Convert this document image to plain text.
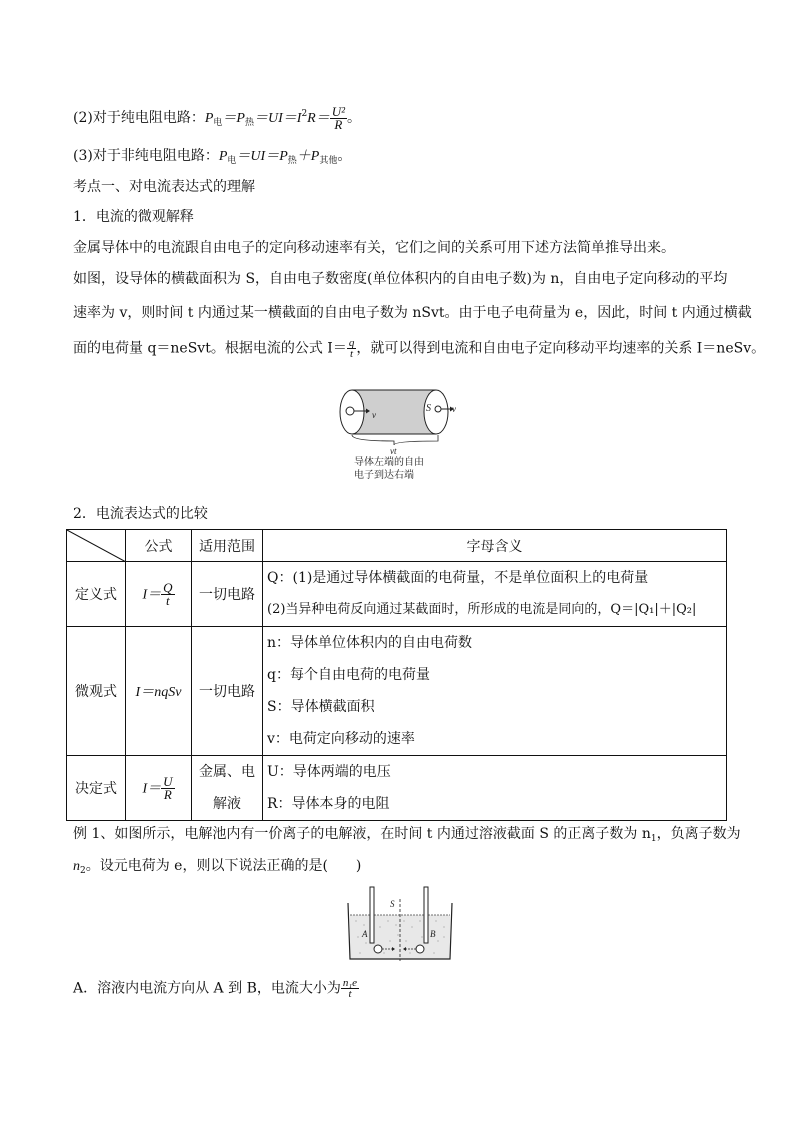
(2)对于纯电阻电路：$P_电=P_热=UI=I^2R= \frac{\text{U²}}{R}$ 。
(3)对于非纯电阻电路：$P_电=UI=P_热+P_{其他}$。
考点一、对电流表达式的理解
1．电流的微观解释
金属导体中的电流跟自由电子的定向移动速率有关，它们之间的关系可用下述方法简单推导出来。
如图，设导体的横截面积为 S，自由电子数密度(单位体积内的自由电子数)为 n，自由电子定向移动的平均
速率为 v，则时间 t 内通过某一横截面的自由电子数为 nSvt。由于电子电荷量为 e，因此，时间 t 内通过横截
面的电荷量 q＝neSvt。根据电流的公式 $I= \frac{q}{t}$ ，就可以得到电流和自由电子定向移动平均速率的关系 I＝neSv。
v
S v
vt
导体左端的自由
电子到达右端
2．电流表达式的比较
	公式	适用范围	字母含义
定义式	$I= \frac{Q}{t}$	一切电路	Q：(1)是通过导体横截面的电荷量，不是单位面积上的电荷量
(2)当异种电荷反向通过某截面时，所形成的电流是同向的，Q＝|Q₁|＋|Q₂|

微观式	I＝nqSv	一切电路	n：导体单位体积内的自由电荷数
q：每个自由电荷的电荷量
S：导体横截面积
v：电荷定向移动的速率

决定式	$I= \frac{U}{R}$	金属、电
解液	U：导体两端的电压
R：导体本身的电阻
例 1、如图所示，电解池内有一价离子的电解液，在时间 t 内通过溶液截面 S 的正离子数为 $n_1$，负离子数为
$n_2$。设元电荷为 e，则以下说法正确的是(　　)
S
A	B
A．溶液内电流方向从 A 到 B，电流大小为 $\frac{\text{n₁e}}{t}$
